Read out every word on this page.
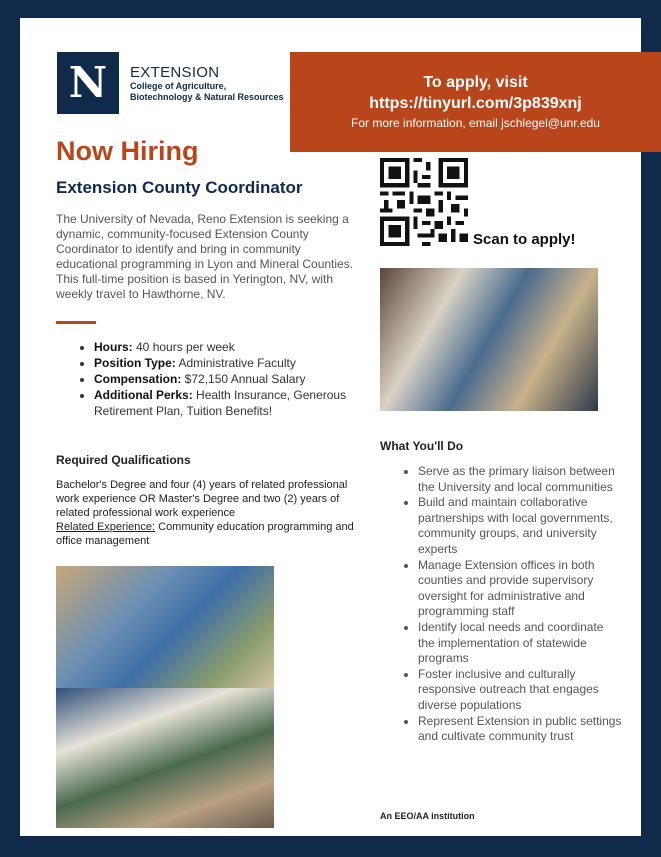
N EXTENSION
College of Agriculture,
Biotechnology & Natural Resources
To apply, visit
https://tinyurl.com/3p839xnj
For more information, email jschlegel@unr.edu
Now Hiring
Extension County Coordinator
The University of Nevada, Reno Extension is seeking a dynamic, community-focused Extension County Coordinator to identify and bring in community educational programming in Lyon and Mineral Counties. This full-time position is based in Yerington, NV, with weekly travel to Hawthorne, NV.
• Hours: 40 hours per week
• Position Type: Administrative Faculty
• Compensation: $72,150 Annual Salary
• Additional Perks: Health Insurance, Generous Retirement Plan, Tuition Benefits!
Required Qualifications
Bachelor's Degree and four (4) years of related professional work experience OR Master's Degree and two (2) years of related professional work experience
Related Experience: Community education programming and office management
Scan to apply!
What You'll Do
• Serve as the primary liaison between the University and local communities
• Build and maintain collaborative partnerships with local governments, community groups, and university experts
• Manage Extension offices in both counties and provide supervisory oversight for administrative and programming staff
• Identify local needs and coordinate the implementation of statewide programs
• Foster inclusive and culturally responsive outreach that engages diverse populations
• Represent Extension in public settings and cultivate community trust
An EEO/AA institution
